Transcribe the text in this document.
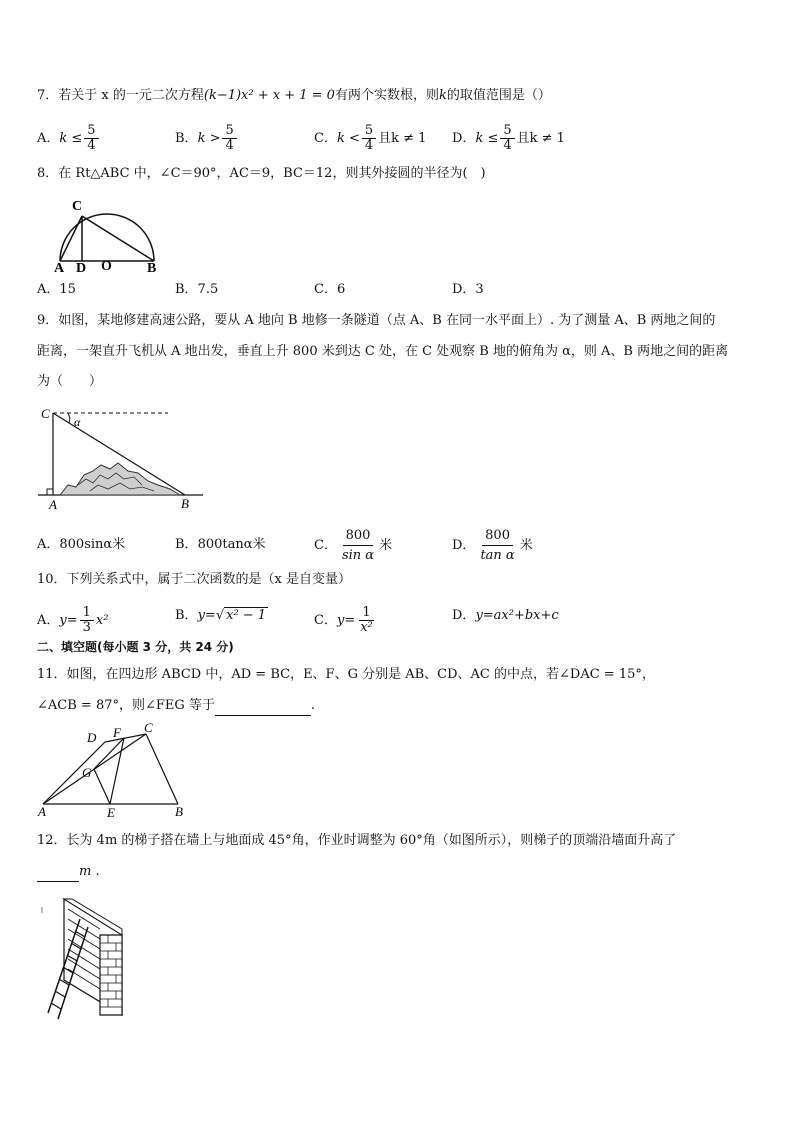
7．若关于 x 的一元二次方程(k−1)x² + x + 1 = 0有两个实数根，则k的取值范围是（）
A．$k \le \frac{5}{4}$	B．$k > \frac{5}{4}$	C．$k < \frac{5}{4}$ 且k ≠ 1 D．$k \le \frac{5}{4}$ 且k ≠ 1
8．在 Rt△ABC 中，∠C＝90°，AC＝9，BC＝12，则其外接圆的半径为(　)
C
A D O	B
A．15	B．7.5	C．6	D．3
9．如图，某地修建高速公路，要从 A 地向 B 地修一条隧道（点 A、B 在同一水平面上）. 为了测量 A、B 两地之间的
距离，一架直升飞机从 A 地出发，垂直上升 800 米到达 C 处，在 C 处观察 B 地的俯角为 α，则 A、B 两地之间的距离
为（　　）
C
α
A	B
A．800sinα米	B．800tanα米	C． $\frac{800}{\text{sin α}}$ 米	D． $\frac{800}{\text{tan α}}$ 米
10．下列关系式中，属于二次函数的是（x 是自变量）
A．$y= \frac{1}{3} x^2$	B．y=√ x² − 1	C．$y= \frac{1}{\text{x²}}$	D．y=ax²+bx+c
二、填空题(每小题 3 分，共 24 分)
11．如图，在四边形 ABCD 中，AD = BC，E、F、G 分别是 AB、CD、AC 的中点，若∠DAC = 15°，
∠ACB = 87°，则∠FEG 等于	.
A	B
C
D
E
F
G
12．长为 4m 的梯子搭在墙上与地面成 45°角，作业时调整为 60°角（如图所示），则梯子的顶端沿墙面升高了
m .
